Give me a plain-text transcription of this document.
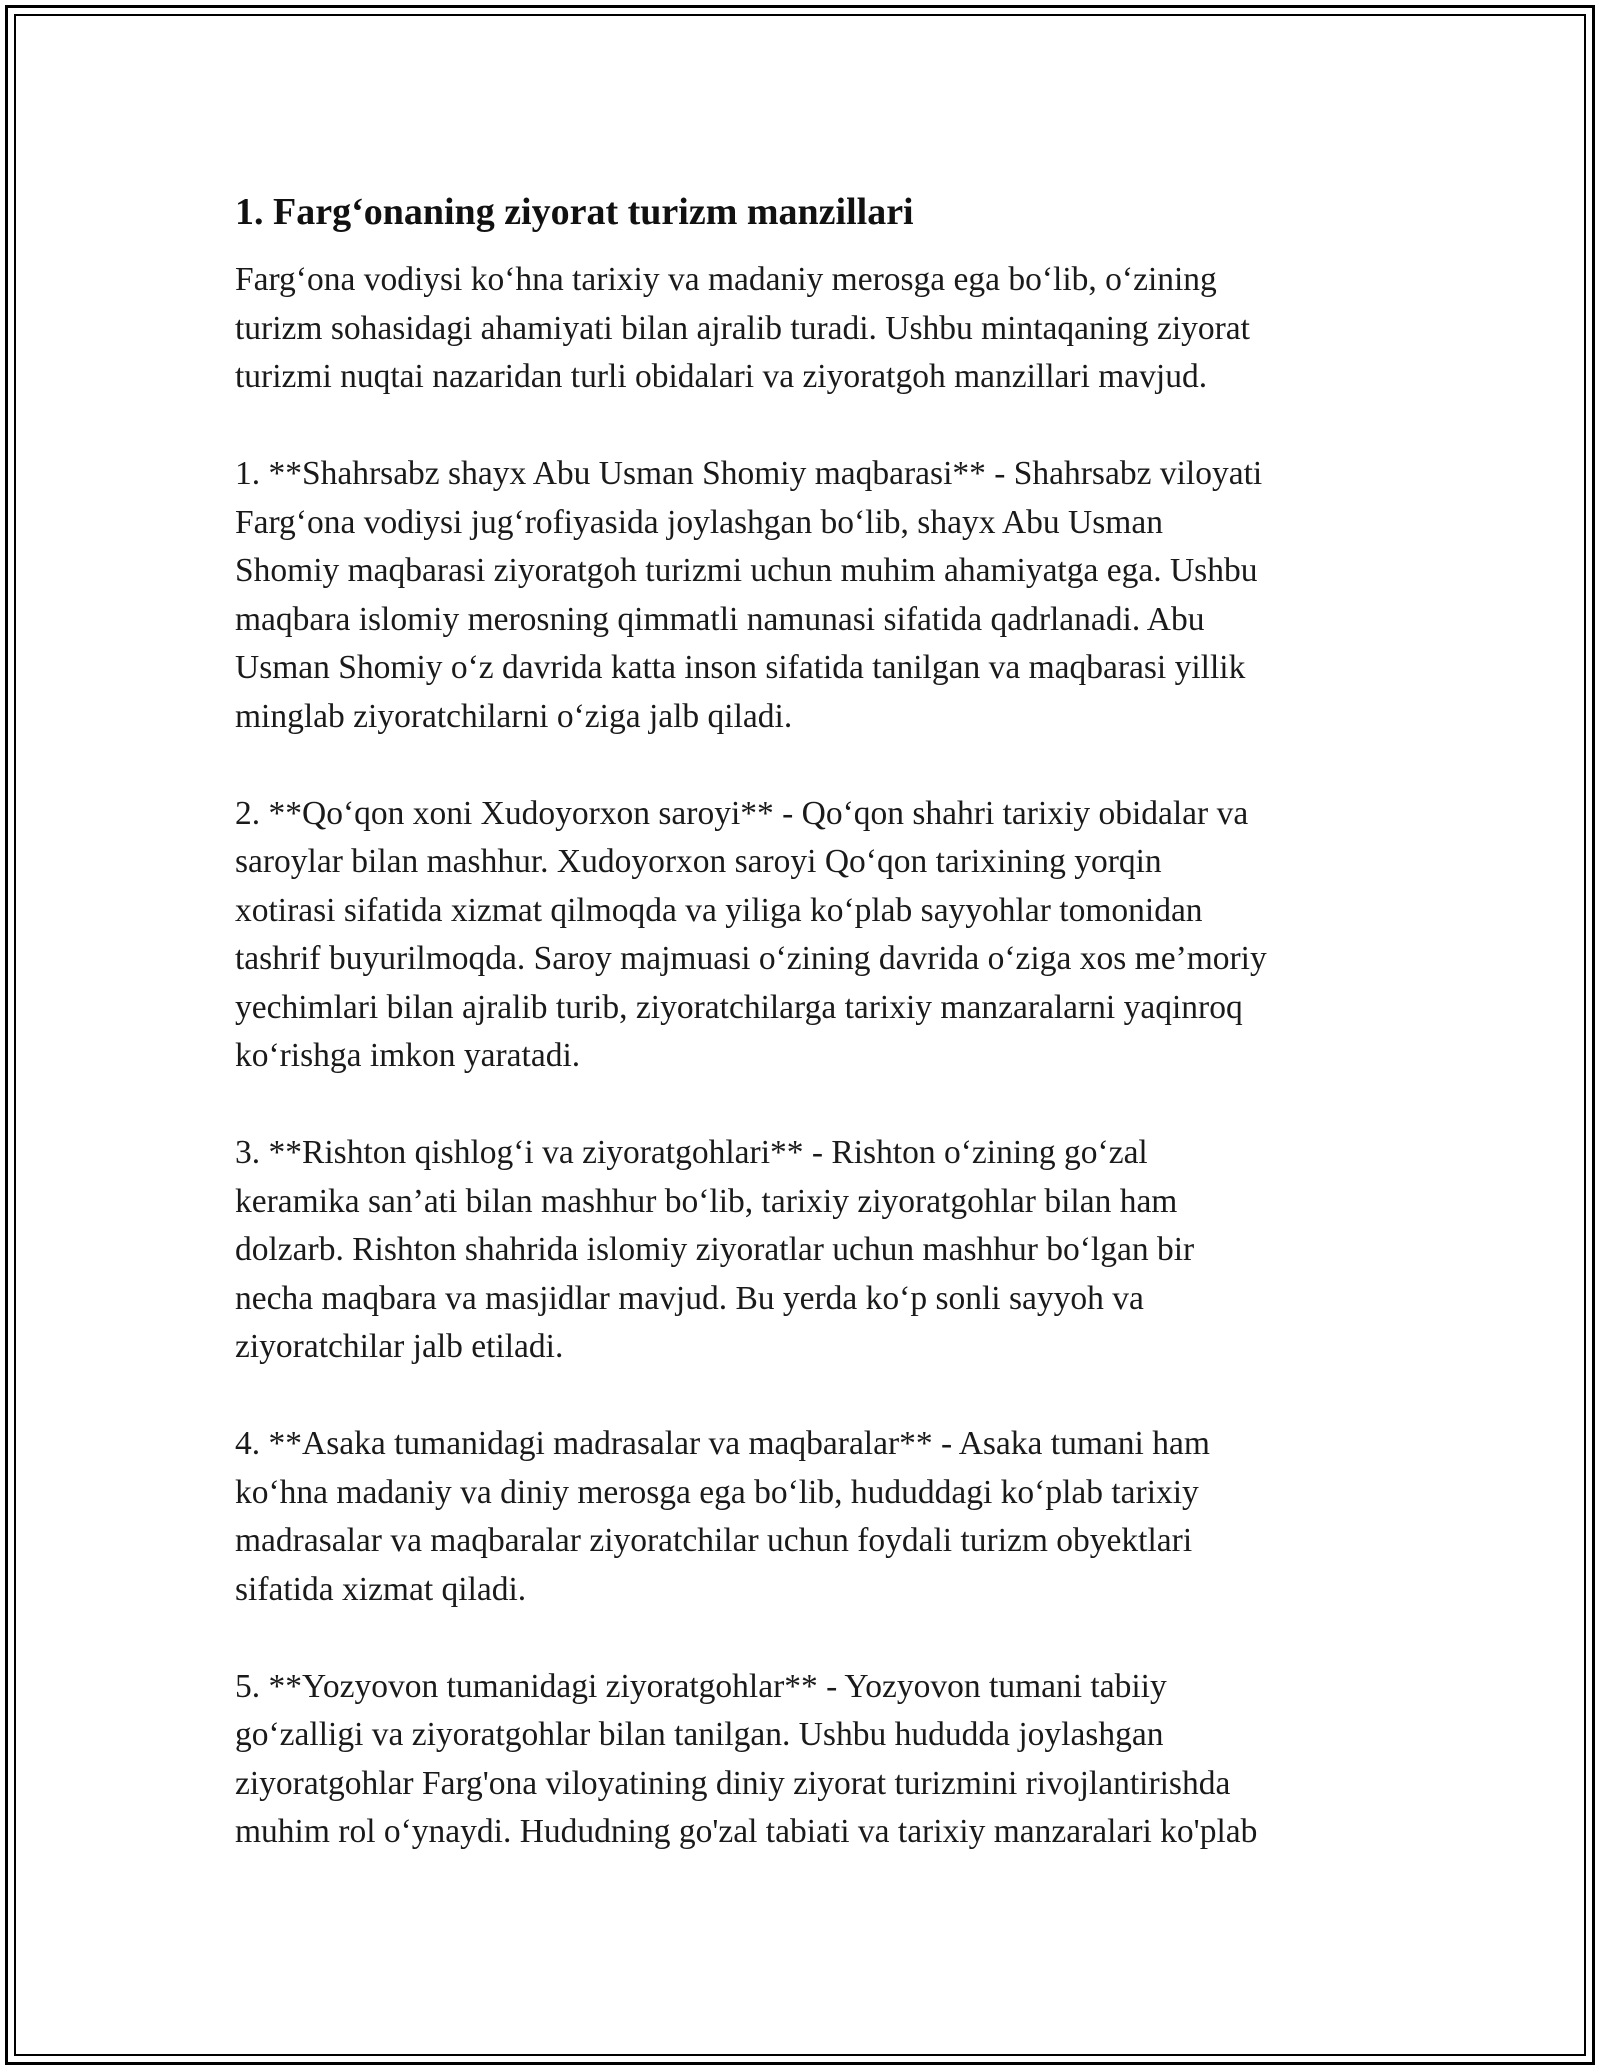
1. Farg‘onaning ziyorat turizm manzillari

Farg‘ona vodiysi ko‘hna tarixiy va madaniy merosga ega bo‘lib, o‘zining
turizm sohasidagi ahamiyati bilan ajralib turadi. Ushbu mintaqaning ziyorat
turizmi nuqtai nazaridan turli obidalari va ziyoratgoh manzillari mavjud.

1. **Shahrsabz shayx Abu Usman Shomiy maqbarasi** - Shahrsabz viloyati
Farg‘ona vodiysi jug‘rofiyasida joylashgan bo‘lib, shayx Abu Usman
Shomiy maqbarasi ziyoratgoh turizmi uchun muhim ahamiyatga ega. Ushbu
maqbara islomiy merosning qimmatli namunasi sifatida qadrlanadi. Abu
Usman Shomiy o‘z davrida katta inson sifatida tanilgan va maqbarasi yillik
minglab ziyoratchilarni o‘ziga jalb qiladi.

2. **Qo‘qon xoni Xudoyorxon saroyi** - Qo‘qon shahri tarixiy obidalar va
saroylar bilan mashhur. Xudoyorxon saroyi Qo‘qon tarixining yorqin
xotirasi sifatida xizmat qilmoqda va yiliga ko‘plab sayyohlar tomonidan
tashrif buyurilmoqda. Saroy majmuasi o‘zining davrida o‘ziga xos me’moriy
yechimlari bilan ajralib turib, ziyoratchilarga tarixiy manzaralarni yaqinroq
ko‘rishga imkon yaratadi.

3. **Rishton qishlog‘i va ziyoratgohlari** - Rishton o‘zining go‘zal
keramika san’ati bilan mashhur bo‘lib, tarixiy ziyoratgohlar bilan ham
dolzarb. Rishton shahrida islomiy ziyoratlar uchun mashhur bo‘lgan bir
necha maqbara va masjidlar mavjud. Bu yerda ko‘p sonli sayyoh va
ziyoratchilar jalb etiladi.

4. **Asaka tumanidagi madrasalar va maqbaralar** - Asaka tumani ham
ko‘hna madaniy va diniy merosga ega bo‘lib, hududdagi ko‘plab tarixiy
madrasalar va maqbaralar ziyoratchilar uchun foydali turizm obyektlari
sifatida xizmat qiladi.

5. **Yozyovon tumanidagi ziyoratgohlar** - Yozyovon tumani tabiiy
go‘zalligi va ziyoratgohlar bilan tanilgan. Ushbu hududda joylashgan
ziyoratgohlar Farg'ona viloyatining diniy ziyorat turizmini rivojlantirishda
muhim rol o‘ynaydi. Hududning go'zal tabiati va tarixiy manzaralari ko'plab
